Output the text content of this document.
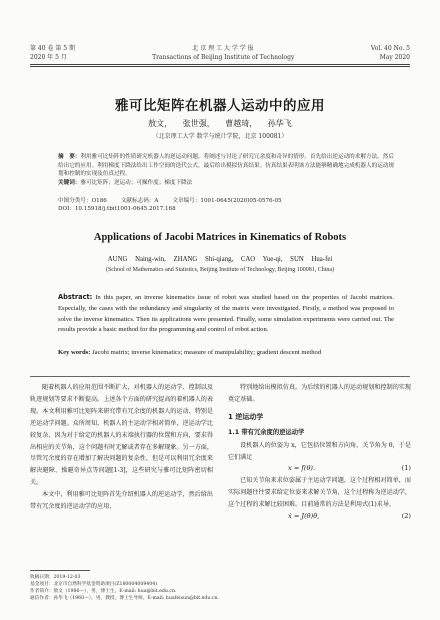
第 40 卷 第 5 期	北 京 理 工 大 学 学 报	Vol. 40 No. 5
2020 年 5 月	Transactions of Beijing Institute of Technology	May 2020
雅可比矩阵在机器人运动中的应用
敖文， 张世强， 曹越琦， 孙华飞
（北京理工大学 数学与统计学院，北京 100081）
摘　要：利用雅可比矩阵的性质研究机器人的逆运动问题，将阐述与讨论了研究冗余度和奇异的情形。首先给出逆运动的求解方法，然后给出它的应用。利用梯度下降法给出工作空间的迭代公式，最后给出模拟仿真结果。仿真结果表明该方法能够精确地完成机器人的运动规划和控制的实现及仿真过程。
关键词：雅可比矩阵；逆运动；可操作度；梯度下降法
中图分类号：O186	文献标志码：A	文章编号：1001-0645(2020)05-0576-05
DOI：10.15918/j.tbit1001-0645.2017.168
Applications of Jacobi Matrices in Kinematics of Robots
AUNG Naing-win, ZHANG Shi-qiang, CAO Yue-qi, SUN Hua-fei
(School of Mathematics and Statistics, Beijing Institute of Technology, Beijing 100081, China)
Abstract: In this paper, an inverse kinematics issue of robot was studied based on the properties of Jacobi matrices. Especially, the cases with the redundancy and singularity of the matrix were investigated. Firstly, a method was proposed to solve the inverse kinematics. Then its applications were presented. Finally, some simulation experiments were carried out. The results provide a basic method for the programming and control of robot action.
Key words: Jacobi matrix; inverse kinematics; measure of manipulability; gradient descent method

随着机器人的应用范围不断扩大，对机器人的运动学、控制以及轨迹规划等要求不断提高。上述各个方面的研究提高的着机器人的表现。本文利用雅可比矩阵来研究带有冗余度的机器人的运动、特别是逆运动学问题。众所周知，机器人的主运动学相对简单，逆运动学比较复杂，因为对于给定的机器人的末端执行器的位置和方向，要求得出相应的关节角，这个问题有时无解或者存在多解现象。另一方面，尽管冗余度的存在增加了解决问题的复杂性，但是可以利用冗余度来解决避障、操避奇异点等问题[1-3]，这些研究与雅可比矩阵密切相关。

本文中，利用雅可比矩阵首先介绍机器人的逆运动学，然后给出带有冗余度的逆运动学的应用，

特别地给出模拟仿真。为后续的机器人的运动规划和控制的实现奠定基础。

1 逆运动学
1.1 带有冗余度的逆运动学

设机器人的位姿为 x，它包括位置和方向角，关节角为 θ，于是它们满足

x = f(θ).	(1)

已知关节角来求位姿属于主运动学问题，这个过程相对简单，而实际问题往往要求给定位姿来求解关节角，这个过程称为逆运动学，这个过程的求解比较困难。目前通常的方法是利用式(1)求导，

ẋ = J(θ)θ̇,	(2)
收稿日期：2019-12-03
基金项目：北京市自然科学基金资助项目(Z180004009404)
作者简介：敖文（1986—），男，博士生，E-mail: hua@bit.edu.cn.
通信作者：孙华飞（1960—），男，教授，博士生导师，E-mail: huafeisun@bit.edu.cn.
